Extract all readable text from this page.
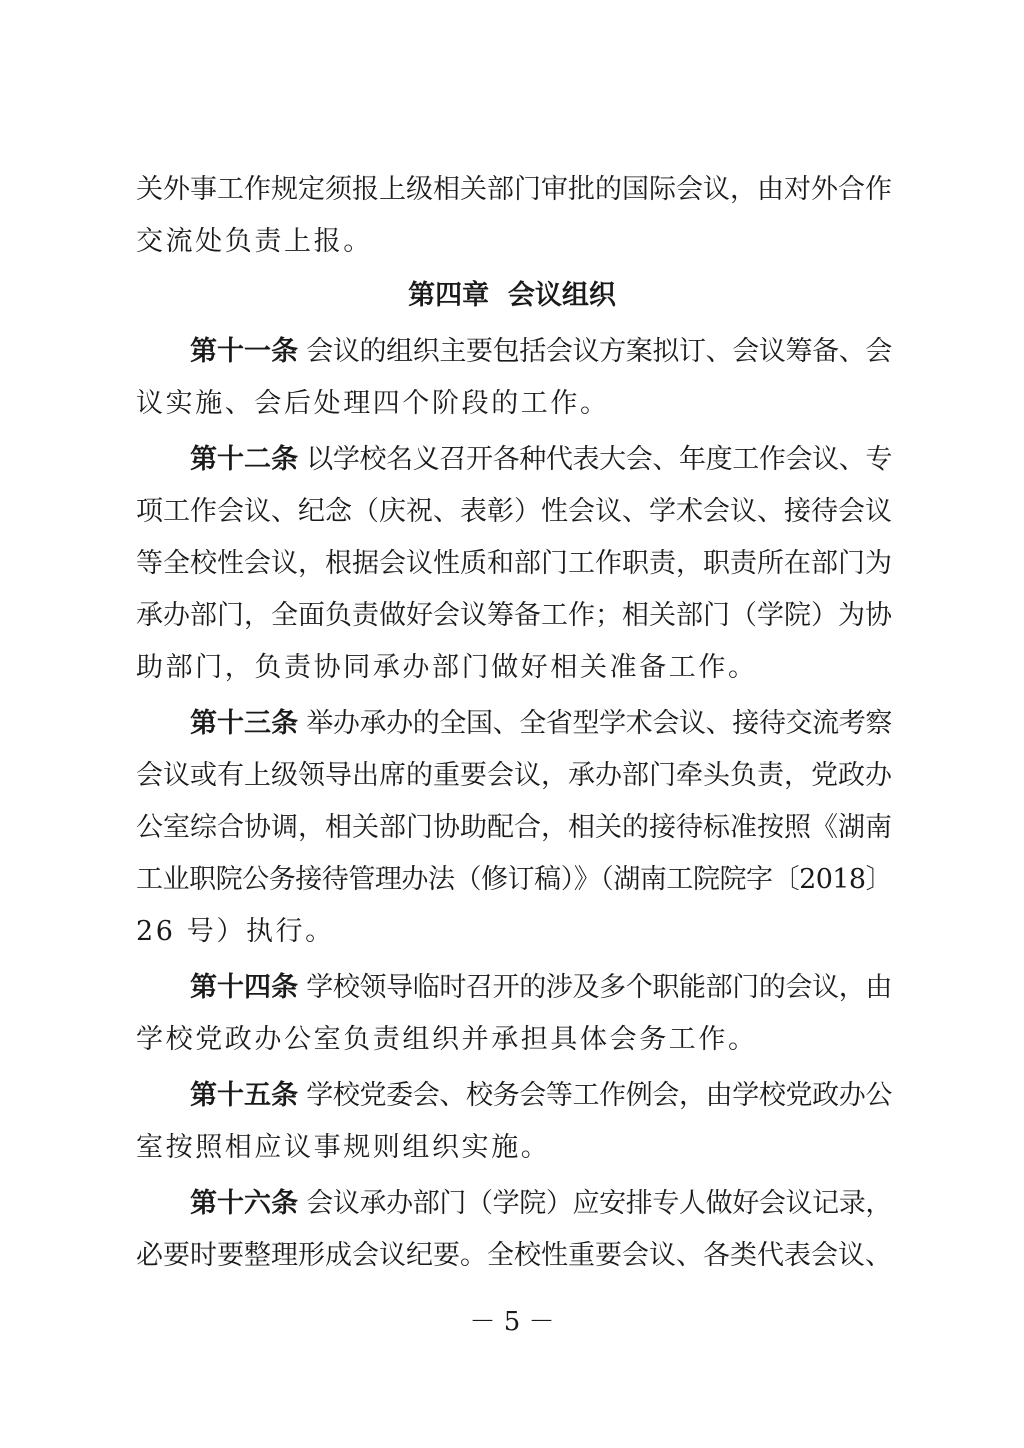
关外事工作规定须报上级相关部门审批的国际会议，由对外合作
交流处负责上报。
第四章  会议组织
第十一条 会议的组织主要包括会议方案拟订、会议筹备、会
议实施、会后处理四个阶段的工作。
第十二条 以学校名义召开各种代表大会、年度工作会议、专
项工作会议、纪念（庆祝、表彰）性会议、学术会议、接待会议
等全校性会议，根据会议性质和部门工作职责，职责所在部门为
承办部门，全面负责做好会议筹备工作；相关部门（学院）为协
助部门，负责协同承办部门做好相关准备工作。
第十三条 举办承办的全国、全省型学术会议、接待交流考察
会议或有上级领导出席的重要会议，承办部门牵头负责，党政办
公室综合协调，相关部门协助配合，相关的接待标准按照《湖南
工业职院公务接待管理办法（修订稿）》（湖南工院院字〔2018〕
26 号）执行。
第十四条 学校领导临时召开的涉及多个职能部门的会议，由
学校党政办公室负责组织并承担具体会务工作。
第十五条 学校党委会、校务会等工作例会，由学校党政办公
室按照相应议事规则组织实施。
第十六条 会议承办部门（学院）应安排专人做好会议记录，
必要时要整理形成会议纪要。全校性重要会议、各类代表会议、
－ 5 －
